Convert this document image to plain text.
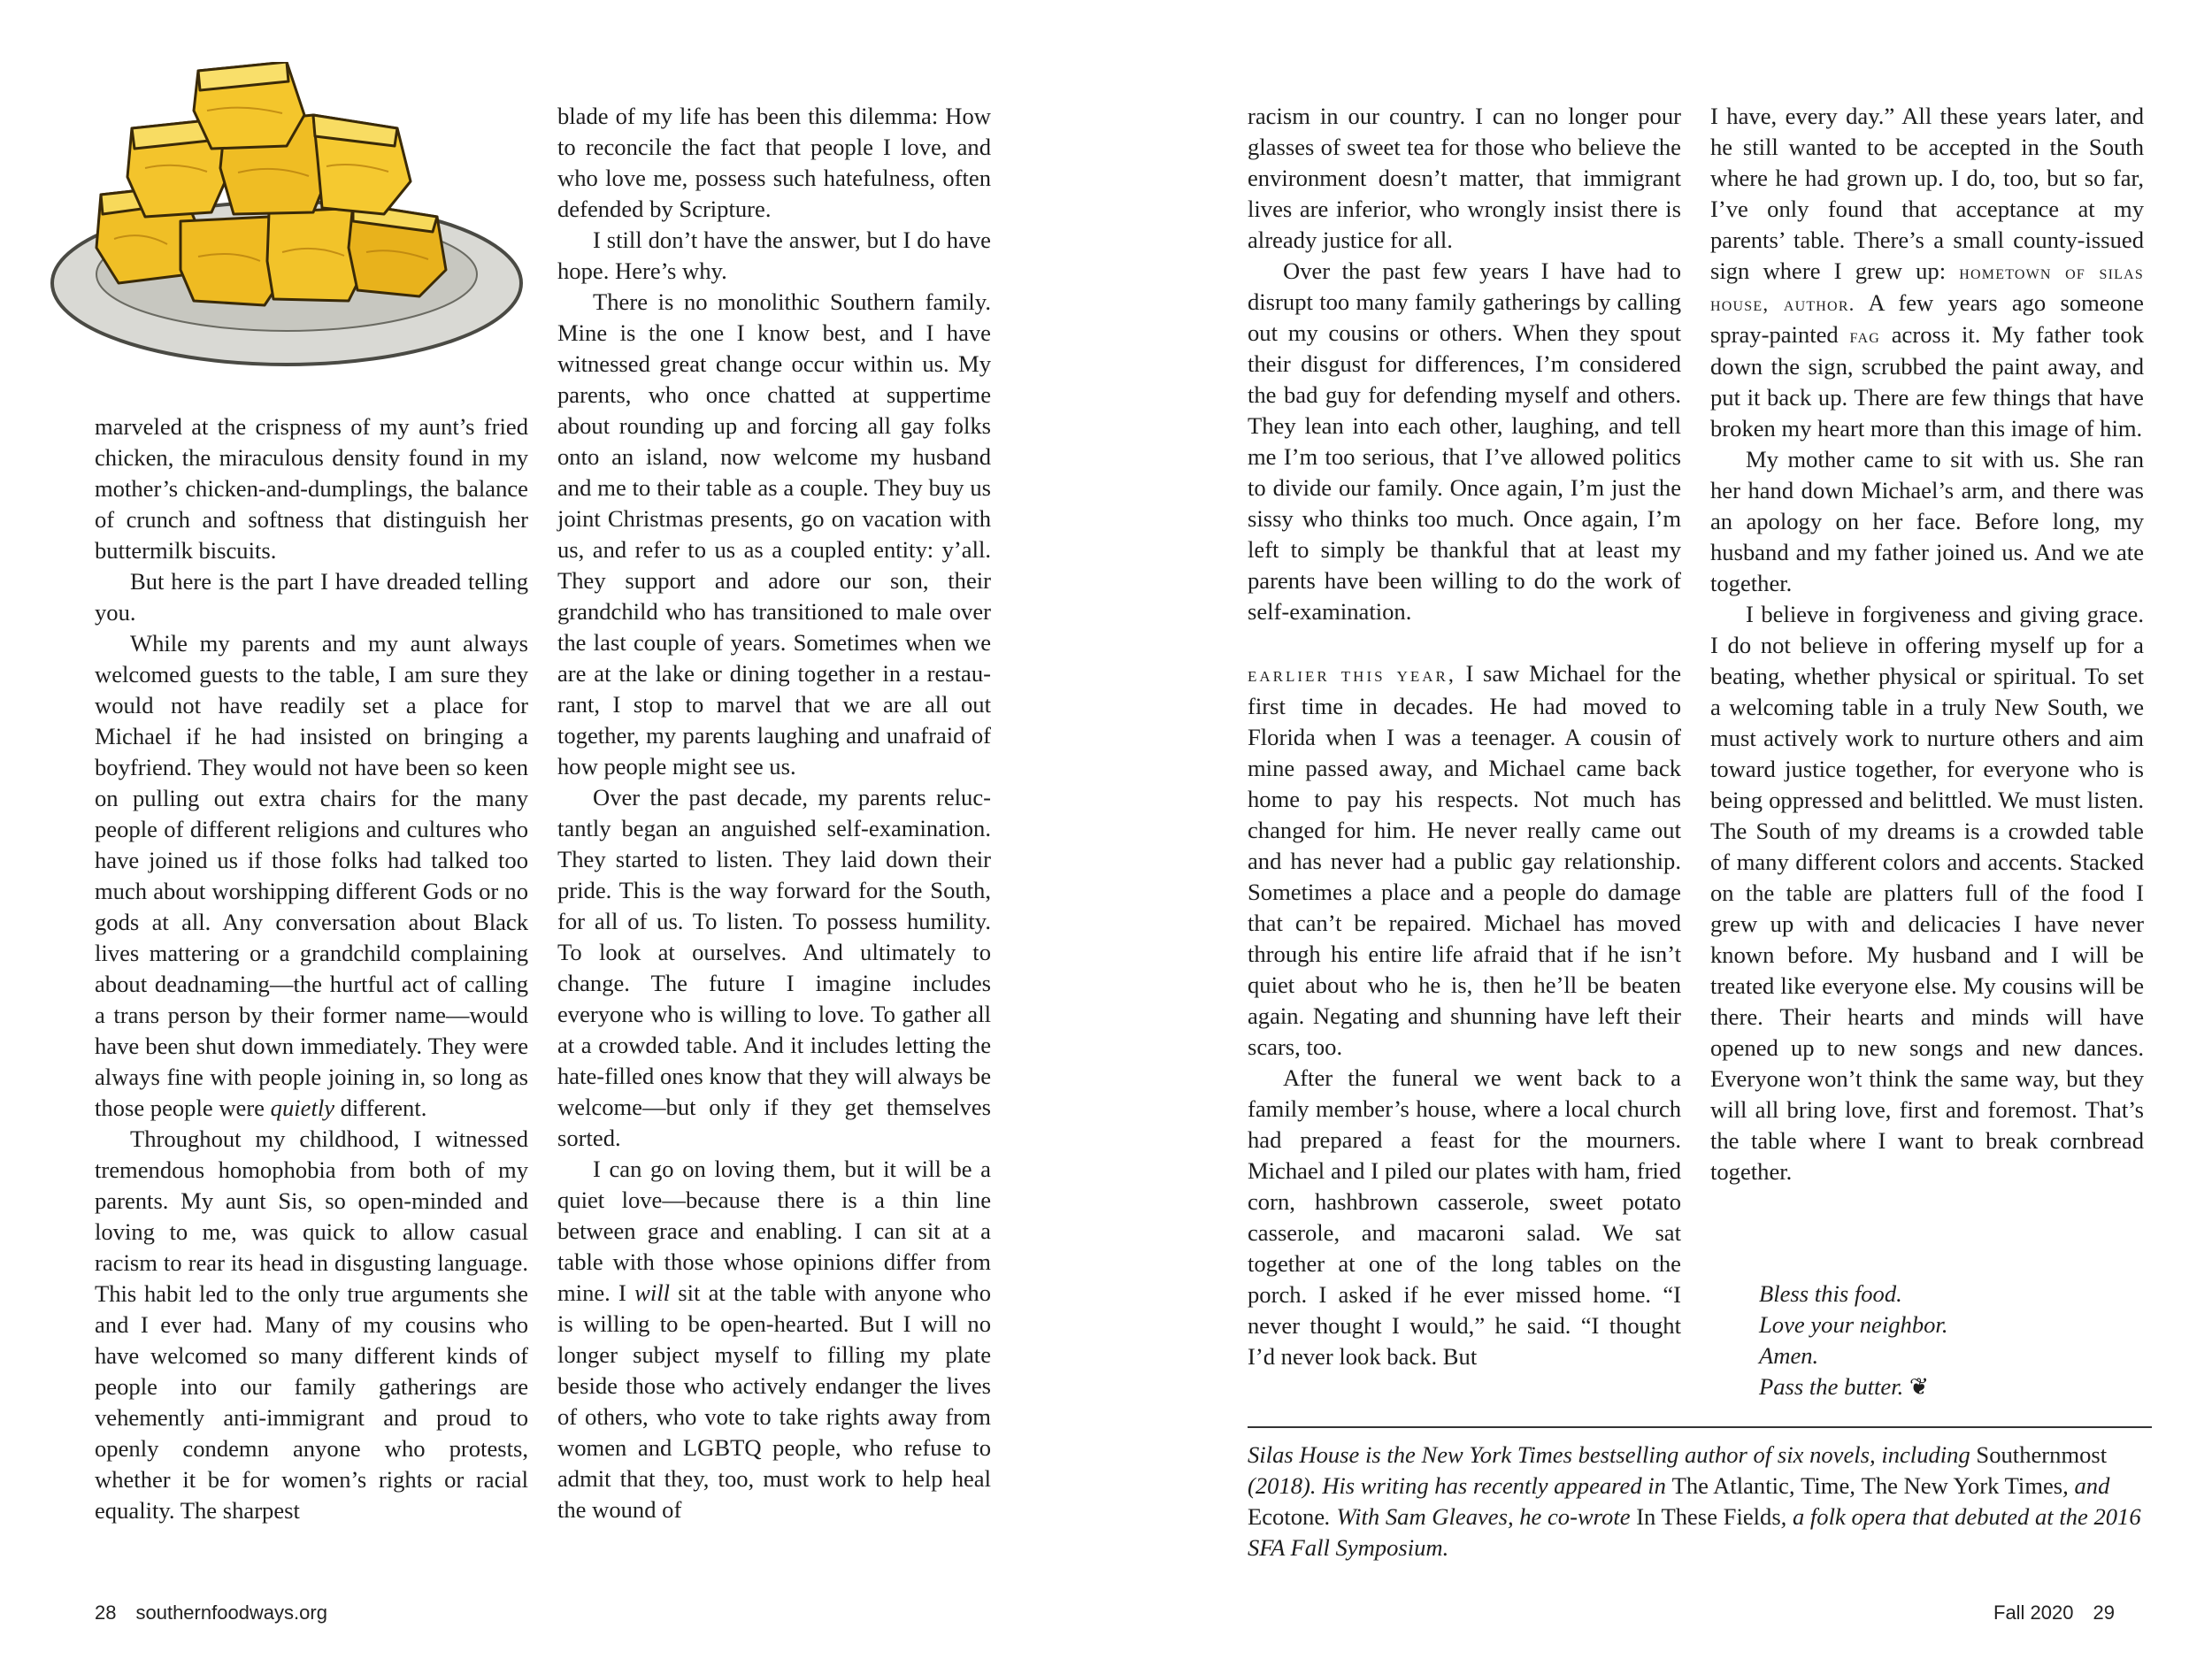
marveled at the crispness of my aunt’s fried chicken, the miraculous density found in my mother’s chicken-and-dumplings, the balance of crunch and softness that distinguish her buttermilk biscuits.

But here is the part I have dreaded telling you.

While my parents and my aunt always welcomed guests to the table, I am sure they would not have readily set a place for Michael if he had insisted on bringing a boyfriend. They would not have been so keen on pulling out extra chairs for the many people of different religions and cultures who have joined us if those folks had talked too much about worshipping different Gods or no gods at all. Any conversation about Black lives mattering or a grandchild complaining about deadnaming—the hurtful act of calling a trans person by their former name—would have been shut down immediately. They were always fine with people joining in, so long as those people were quietly different.

Throughout my childhood, I witnessed tremendous homophobia from both of my parents. My aunt Sis, so open-minded and loving to me, was quick to allow casual racism to rear its head in disgusting language. This habit led to the only true arguments she and I ever had. Many of my cousins who have welcomed so many different kinds of people into our family gatherings are vehemently anti-immigrant and proud to openly condemn anyone who protests, whether it be for women’s rights or racial equality. The sharpest

blade of my life has been this dilemma: How to reconcile the fact that people I love, and who love me, possess such hatefulness, often defended by Scripture.

I still don’t have the answer, but I do have hope. Here’s why.

There is no monolithic Southern family. Mine is the one I know best, and I have witnessed great change occur within us. My parents, who once chatted at suppertime about rounding up and forcing all gay folks onto an island, now welcome my husband and me to their table as a couple. They buy us joint Christmas presents, go on vacation with us, and refer to us as a coupled entity: y’all. They support and adore our son, their grandchild who has transitioned to male over the last couple of years. Sometimes when we are at the lake or dining together in a restaurant, I stop to marvel that we are all out together, my parents laughing and unafraid of how people might see us.

Over the past decade, my parents reluctantly began an anguished self-examination. They started to listen. They laid down their pride. This is the way forward for the South, for all of us. To listen. To possess humility. To look at ourselves. And ultimately to change. The future I imagine includes everyone who is willing to love. To gather all at a crowded table. And it includes letting the hate-filled ones know that they will always be welcome—but only if they get themselves sorted.

I can go on loving them, but it will be a quiet love—because there is a thin line between grace and enabling. I can sit at a table with those whose opinions differ from mine. I will sit at the table with anyone who is willing to be open-hearted. But I will no longer subject myself to filling my plate beside those who actively endanger the lives of others, who vote to take rights away from women and LGBTQ people, who refuse to admit that they, too, must work to help heal the wound of

racism in our country. I can no longer pour glasses of sweet tea for those who believe the environment doesn’t matter, that immigrant lives are inferior, who wrongly insist there is already justice for all.

Over the past few years I have had to disrupt too many family gatherings by calling out my cousins or others. When they spout their disgust for differences, I’m considered the bad guy for defending myself and others. They lean into each other, laughing, and tell me I’m too serious, that I’ve allowed politics to divide our family. Once again, I’m just the sissy who thinks too much. Once again, I’m left to simply be thankful that at least my parents have been willing to do the work of self-examination.

earlier this year, I saw Michael for the first time in decades. He had moved to Florida when I was a teenager. A cousin of mine passed away, and Michael came back home to pay his respects. Not much has changed for him. He never really came out and has never had a public gay relationship. Sometimes a place and a people do damage that can’t be repaired. Michael has moved through his entire life afraid that if he isn’t quiet about who he is, then he’ll be beaten again. Negating and shunning have left their scars, too.

After the funeral we went back to a family member’s house, where a local church had prepared a feast for the mourners. Michael and I piled our plates with ham, fried corn, hashbrown casserole, sweet potato casserole, and macaroni salad. We sat together at one of the long tables on the porch. I asked if he ever missed home. “I never thought I would,” he said. “I thought I’d never look back. But

I have, every day.” All these years later, and he still wanted to be accepted in the South where he had grown up. I do, too, but so far, I’ve only found that acceptance at my parents’ table. There’s a small county-issued sign where I grew up: hometown of silas house, author. A few years ago someone spray-painted fag across it. My father took down the sign, scrubbed the paint away, and put it back up. There are few things that have broken my heart more than this image of him.

My mother came to sit with us. She ran her hand down Michael’s arm, and there was an apology on her face. Before long, my husband and my father joined us. And we ate together.

I believe in forgiveness and giving grace. I do not believe in offering myself up for a beating, whether physical or spiritual. To set a welcoming table in a truly New South, we must actively work to nurture others and aim toward justice together, for everyone who is being oppressed and belittled. We must listen. The South of my dreams is a crowded table of many different colors and accents. Stacked on the table are platters full of the food I grew up with and delicacies I have never known before. My husband and I will be treated like everyone else. My cousins will be there. Their hearts and minds will have opened up to new songs and new dances. Everyone won’t think the same way, but they will all bring love, first and foremost. That’s the table where I want to break cornbread together.

Bless this food.
Love your neighbor.
Amen.
Pass the butter. ❦
Silas House is the New York Times bestselling author of six novels, including Southernmost (2018). His writing has recently appeared in The Atlantic, Time, The New York Times, and Ecotone. With Sam Gleaves, he co-wrote In These Fields, a folk opera that debuted at the 2016 SFA Fall Symposium.
28 southernfoodways.org	Fall 2020 29
